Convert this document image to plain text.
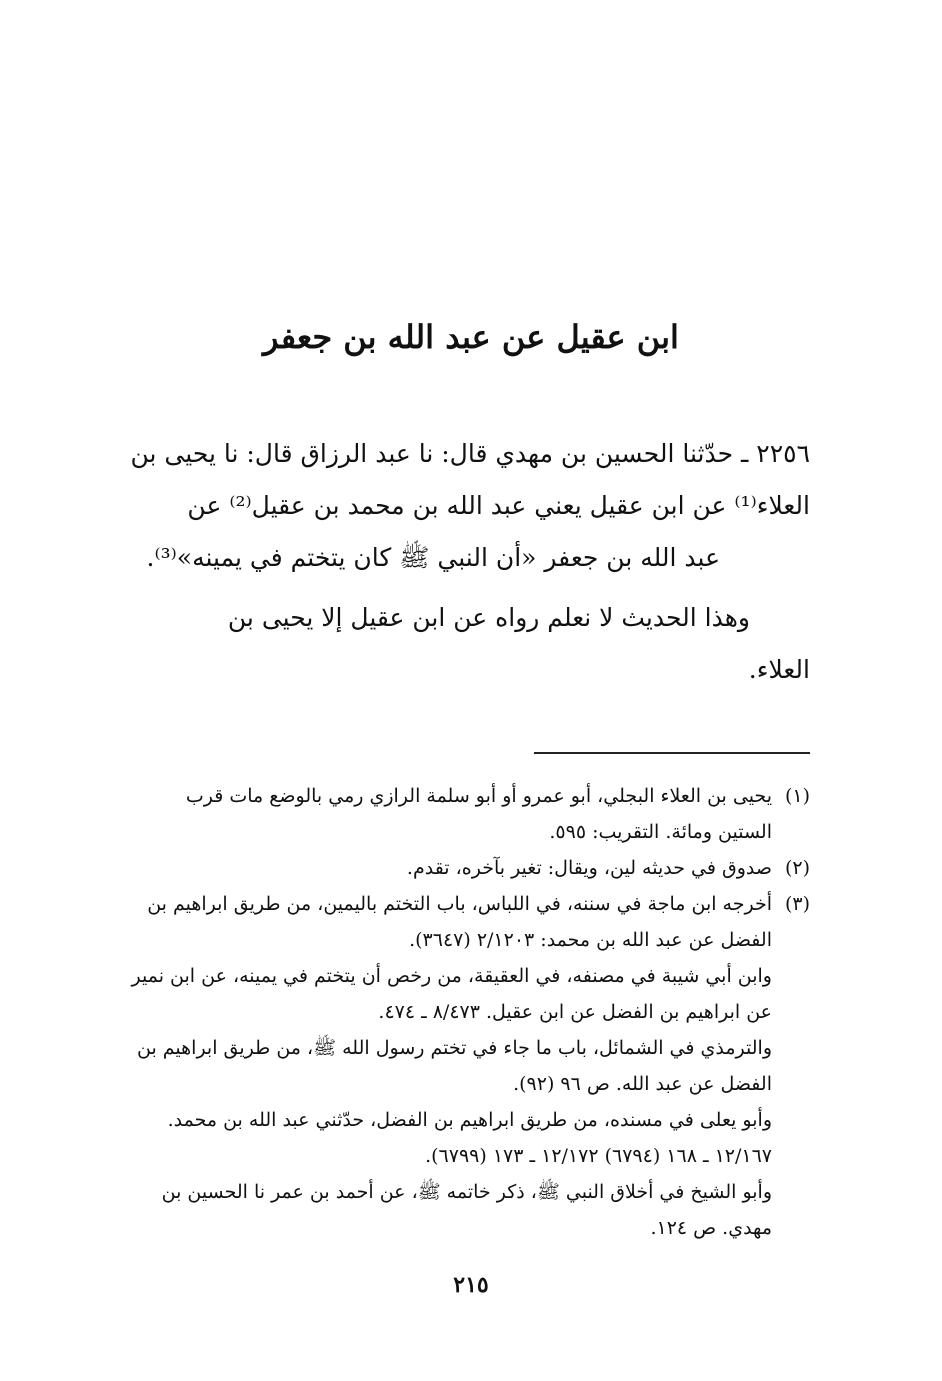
ابن عقيل عن عبد الله بن جعفر

٢٢٥٦ ـ حدّثنا الحسين بن مهدي قال: نا عبد الرزاق قال: نا يحيى بن
العلاء⁽¹⁾ عن ابن عقيل يعني عبد الله بن محمد بن عقيل⁽²⁾ عن
عبد الله بن جعفر «أن النبي ﷺ كان يتختم في يمينه»⁽³⁾.

وهذا الحديث لا نعلم رواه عن ابن عقيل إلا يحيى بن
العلاء.

(١)
يحيى بن العلاء البجلي، أبو عمرو أو أبو سلمة الرازي رمي بالوضع مات قرب
الستين ومائة. التقريب: ٥٩٥.
(٢)
صدوق في حديثه لين، ويقال: تغير بآخره، تقدم.
(٣)
أخرجه ابن ماجة في سننه، في اللباس، باب التختم باليمين، من طريق ابراهيم بن
الفضل عن عبد الله بن محمد: ٢/١٢٠٣ (٣٦٤٧).
وابن أبي شيبة في مصنفه، في العقيقة، من رخص أن يتختم في يمينه، عن ابن نمير
عن ابراهيم بن الفضل عن ابن عقيل. ٨/٤٧٣ ـ ٤٧٤.
والترمذي في الشمائل، باب ما جاء في تختم رسول الله ﷺ، من طريق ابراهيم بن
الفضل عن عبد الله. ص ٩٦ (٩٢).
وأبو يعلى في مسنده، من طريق ابراهيم بن الفضل، حدّثني عبد الله بن محمد.
١٢/١٦٧ ـ ١٦٨ (٦٧٩٤) ١٢/١٧٢ ـ ١٧٣ (٦٧٩٩).
وأبو الشيخ في أخلاق النبي ﷺ، ذكر خاتمه ﷺ، عن أحمد بن عمر نا الحسين بن
مهدي. ص ١٢٤.
٢١٥
